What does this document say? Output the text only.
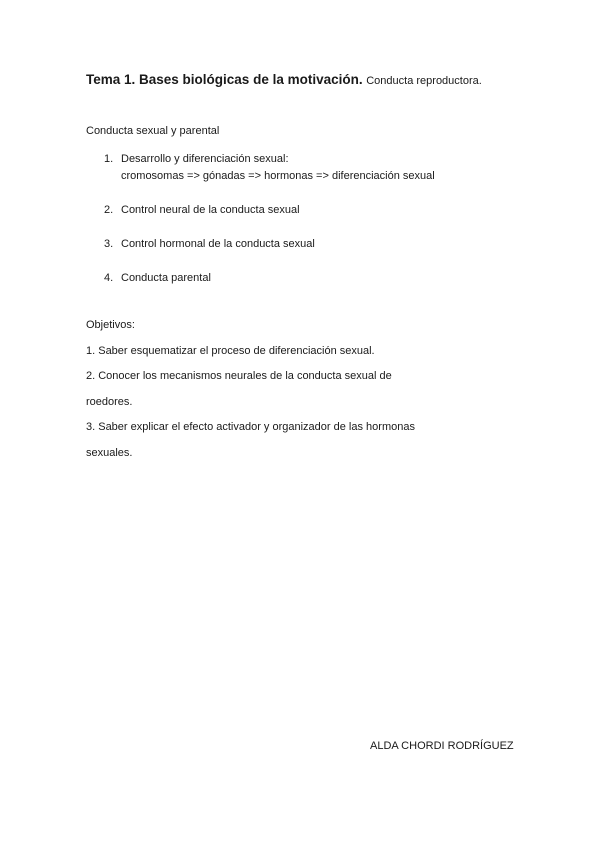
Tema 1. Bases biológicas de la motivación. Conducta reproductora.
Conducta sexual y parental
1. Desarrollo y diferenciación sexual:
cromosomas => gónadas => hormonas => diferenciación sexual
2. Control neural de la conducta sexual
3. Control hormonal de la conducta sexual
4. Conducta parental

Objetivos:

1. Saber esquematizar el proceso de diferenciación sexual.

2. Conocer los mecanismos neurales de la conducta sexual de roedores.

3. Saber explicar el efecto activador y organizador de las hormonas sexuales.

ALDA CHORDI RODRÍGUEZ
